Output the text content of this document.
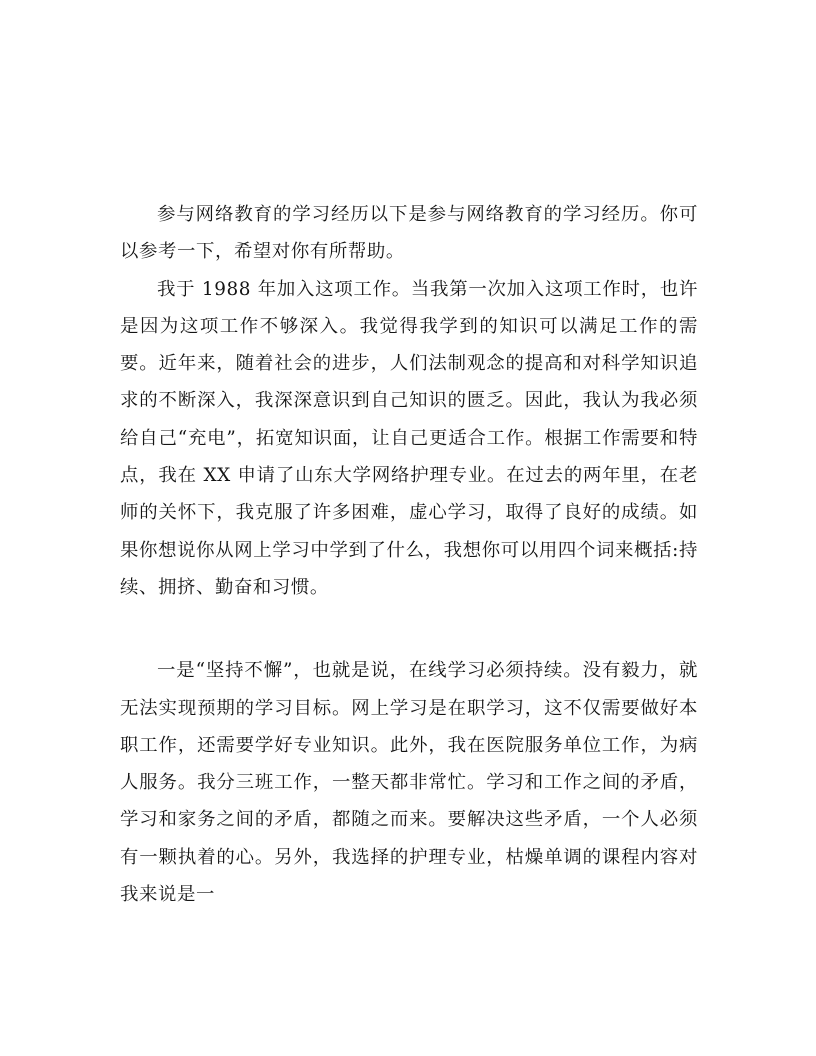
参与网络教育的学习经历以下是参与网络教育的学习经历。你可以参考一下，希望对你有所帮助。

我于 1988 年加入这项工作。当我第一次加入这项工作时，也许是因为这项工作不够深入。我觉得我学到的知识可以满足工作的需要。近年来，随着社会的进步，人们法制观念的提高和对科学知识追求的不断深入，我深深意识到自己知识的匮乏。因此，我认为我必须给自己“充电”，拓宽知识面，让自己更适合工作。根据工作需要和特点，我在 XX 申请了山东大学网络护理专业。在过去的两年里，在老师的关怀下，我克服了许多困难，虚心学习，取得了良好的成绩。如果你想说你从网上学习中学到了什么，我想你可以用四个词来概括:持续、拥挤、勤奋和习惯。

一是“坚持不懈”，也就是说，在线学习必须持续。没有毅力，就无法实现预期的学习目标。网上学习是在职学习，这不仅需要做好本职工作，还需要学好专业知识。此外，我在医院服务单位工作，为病人服务。我分三班工作，一整天都非常忙。学习和工作之间的矛盾，学习和家务之间的矛盾，都随之而来。要解决这些矛盾，一个人必须有一颗执着的心。另外，我选择的护理专业，枯燥单调的课程内容对我来说是一
